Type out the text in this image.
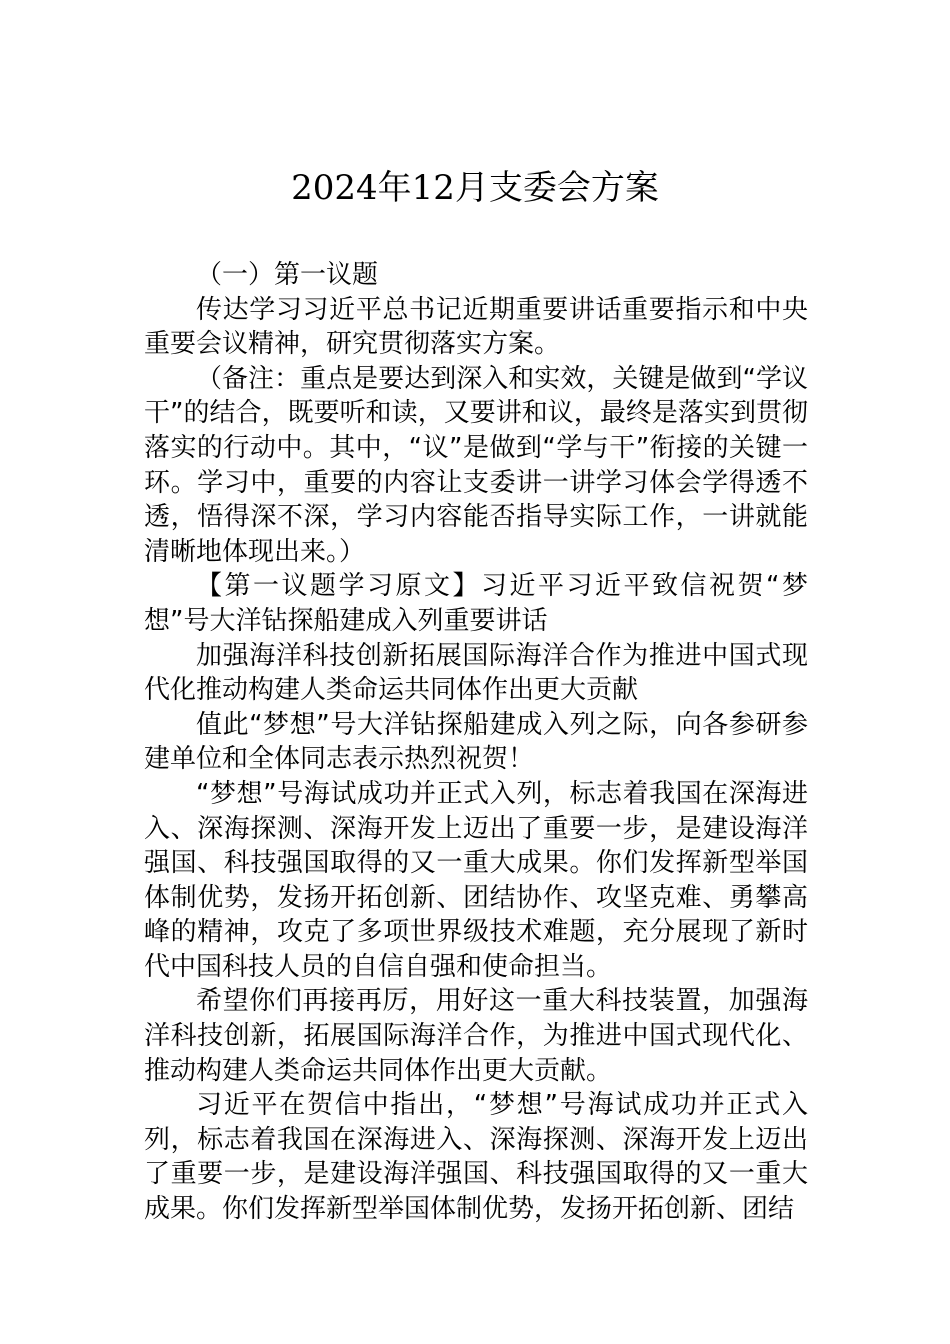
2024年12月支委会方案

（一）第一议题

传达学习习近平总书记近期重要讲话重要指示和中央重要会议精神，研究贯彻落实方案。

（备注：重点是要达到深入和实效，关键是做到“学议干”的结合，既要听和读，又要讲和议，最终是落实到贯彻落实的行动中。其中，“议”是做到“学与干”衔接的关键一环。学习中，重要的内容让支委讲一讲学习体会学得透不透，悟得深不深，学习内容能否指导实际工作，一讲就能清晰地体现出来。）

【第一议题学习原文】习近平习近平致信祝贺“梦想”号大洋钻探船建成入列重要讲话

加强海洋科技创新拓展国际海洋合作为推进中国式现代化推动构建人类命运共同体作出更大贡献

值此“梦想”号大洋钻探船建成入列之际，向各参研参建单位和全体同志表示热烈祝贺！

“梦想”号海试成功并正式入列，标志着我国在深海进入、深海探测、深海开发上迈出了重要一步，是建设海洋强国、科技强国取得的又一重大成果。你们发挥新型举国体制优势，发扬开拓创新、团结协作、攻坚克难、勇攀高峰的精神，攻克了多项世界级技术难题，充分展现了新时代中国科技人员的自信自强和使命担当。

希望你们再接再厉，用好这一重大科技装置，加强海洋科技创新，拓展国际海洋合作，为推进中国式现代化、推动构建人类命运共同体作出更大贡献。

习近平在贺信中指出，“梦想”号海试成功并正式入列，标志着我国在深海进入、深海探测、深海开发上迈出了重要一步，是建设海洋强国、科技强国取得的又一重大成果。你们发挥新型举国体制优势，发扬开拓创新、团结
